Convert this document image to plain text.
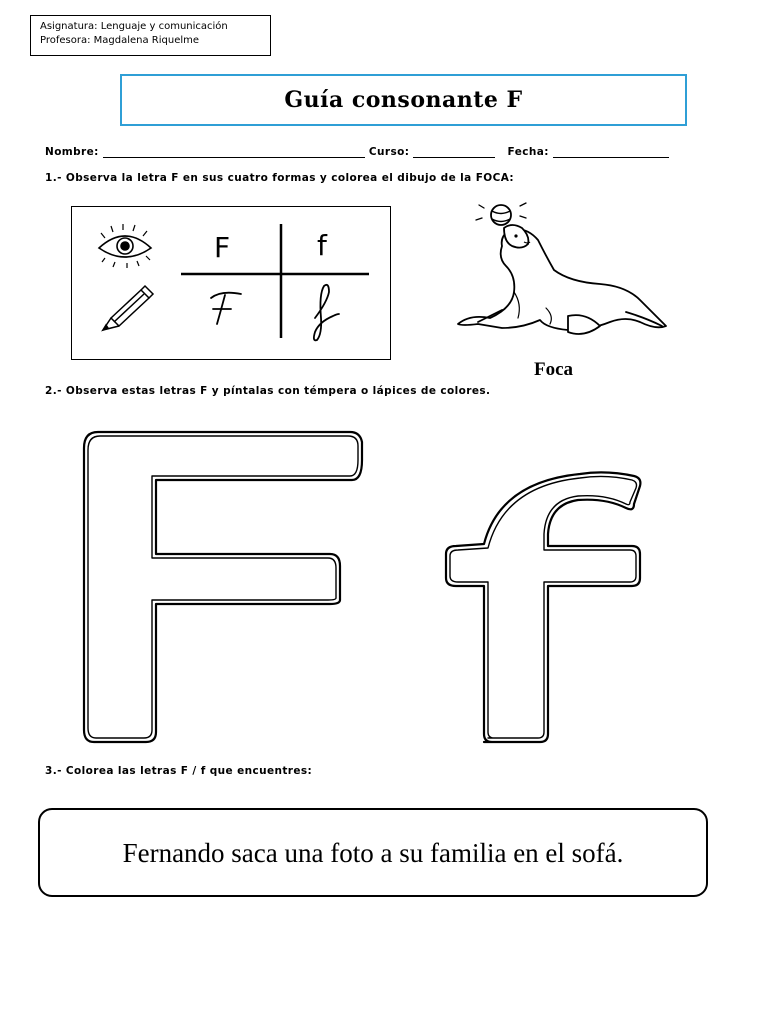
Asignatura: Lenguaje y comunicación
Profesora: Magdalena Riquelme
Guía consonante F
Nombre:	Curso:	Fecha:
1.- Observa la letra F en sus cuatro formas y colorea el dibujo de la FOCA:
F	f
Foca
2.- Observa estas letras F y píntalas con témpera o lápices de colores.
3.- Colorea las letras F / f que encuentres:
Fernando saca una foto a su familia en el sofá.
